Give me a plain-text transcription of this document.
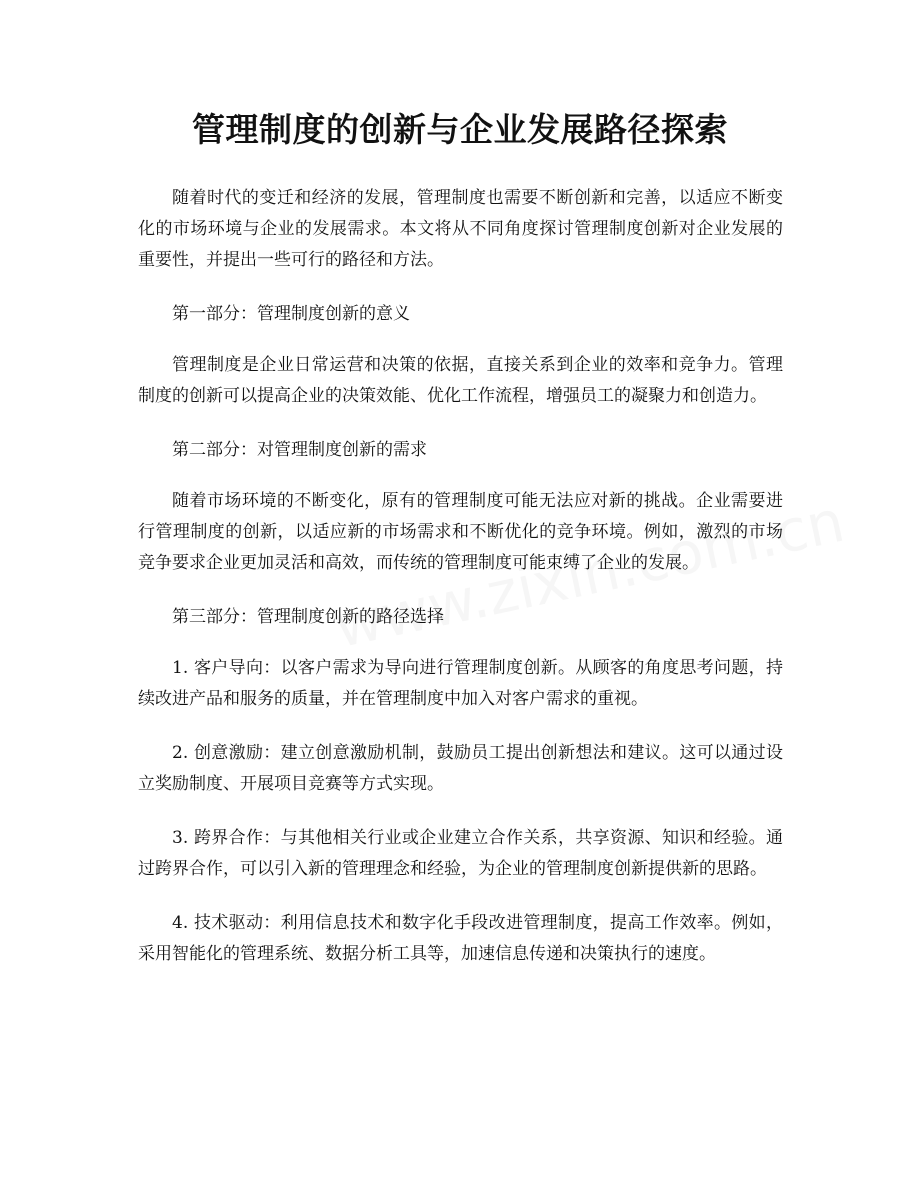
管理制度的创新与企业发展路径探索

随着时代的变迁和经济的发展，管理制度也需要不断创新和完善，以适应不断变化的市场环境与企业的发展需求。本文将从不同角度探讨管理制度创新对企业发展的重要性，并提出一些可行的路径和方法。

第一部分：管理制度创新的意义

管理制度是企业日常运营和决策的依据，直接关系到企业的效率和竞争力。管理制度的创新可以提高企业的决策效能、优化工作流程，增强员工的凝聚力和创造力。

第二部分：对管理制度创新的需求

随着市场环境的不断变化，原有的管理制度可能无法应对新的挑战。企业需要进行管理制度的创新，以适应新的市场需求和不断优化的竞争环境。例如，激烈的市场竞争要求企业更加灵活和高效，而传统的管理制度可能束缚了企业的发展。

第三部分：管理制度创新的路径选择

1. 客户导向：以客户需求为导向进行管理制度创新。从顾客的角度思考问题，持续改进产品和服务的质量，并在管理制度中加入对客户需求的重视。

2. 创意激励：建立创意激励机制，鼓励员工提出创新想法和建议。这可以通过设立奖励制度、开展项目竞赛等方式实现。

3. 跨界合作：与其他相关行业或企业建立合作关系，共享资源、知识和经验。通过跨界合作，可以引入新的管理理念和经验，为企业的管理制度创新提供新的思路。

4. 技术驱动：利用信息技术和数字化手段改进管理制度，提高工作效率。例如，采用智能化的管理系统、数据分析工具等，加速信息传递和决策执行的速度。
